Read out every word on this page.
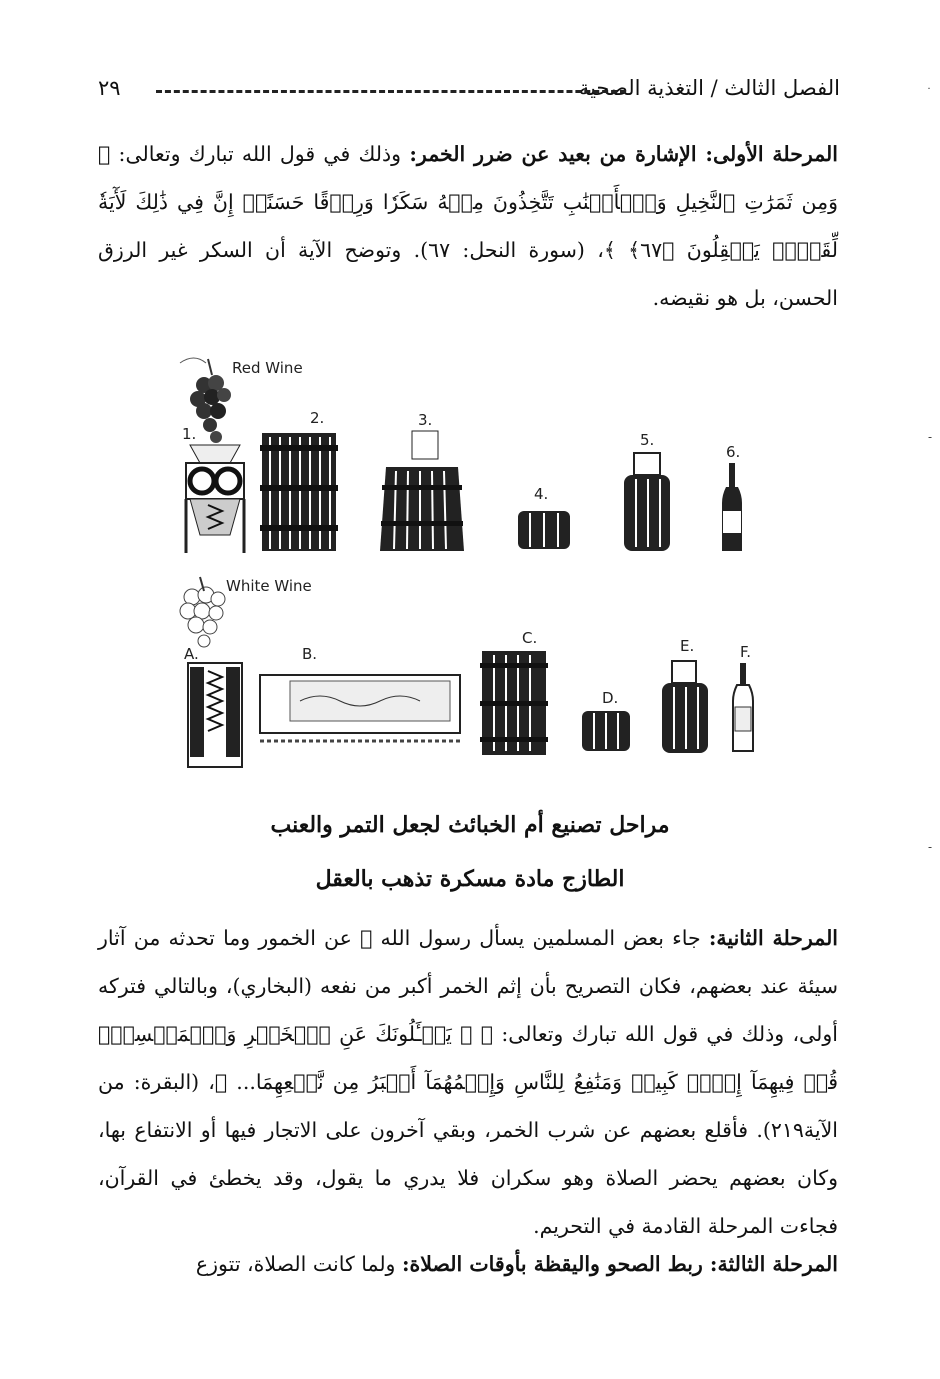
الفصل الثالث / التغذية الصحية
٢٩	˙
-
-
المرحلة الأولى: الإشارة من بعيد عن ضرر الخمر: وذلك في قول الله تبارك وتعالى: ﴿ وَمِن ثَمَرَٰتِ ٱلنَّخِيلِ وَٱلۡأَعۡنَٰبِ تَتَّخِذُونَ مِنۡهُ سَكَرٗا وَرِزۡقًا حَسَنًاۚ إِنَّ فِي ذَٰلِكَ لَأٓيَةٗ لِّقَوۡمٖ يَعۡقِلُونَ ﴿٦٧﴾ ﴾، (سورة النحل: ٦٧). وتوضح الآية أن السكر غير الرزق الحسن، بل هو نقيضه.
Red Wine
1.
2.	3.
4.
5.
6.
White Wine
A.	B.
C.
D.
E.	F.
مراحل تصنيع أم الخبائث لجعل التمر والعنب
الطازج مادة مسكرة تذهب بالعقل
المرحلة الثانية: جاء بعض المسلمين يسأل رسول الله ﷺ عن الخمور وما تحدثه من آثار سيئة عند بعضهم، فكان التصريح بأن إثم الخمر أكبر من نفعه (البخاري)، وبالتالي فتركه أولى، وذلك في قول الله تبارك وتعالى: ﴿ ۞ يَسۡـَٔلُونَكَ عَنِ ٱلۡخَمۡرِ وَٱلۡمَيۡسِرِۖ قُلۡ فِيهِمَآ إِثۡمٞ كَبِيرٞ وَمَنَٰفِعُ لِلنَّاسِ وَإِثۡمُهُمَآ أَكۡبَرُ مِن نَّفۡعِهِمَا... ﴾، (البقرة: من الآية٢١٩). فأقلع بعضهم عن شرب الخمر، وبقي آخرون على الاتجار فيها أو الانتفاع بها، وكان بعضهم يحضر الصلاة وهو سكران فلا يدري ما يقول، وقد يخطئ في القرآن، فجاءت المرحلة القادمة في التحريم.
المرحلة الثالثة: ربط الصحو واليقظة بأوقات الصلاة: ولما كانت الصلاة، تتوزع
